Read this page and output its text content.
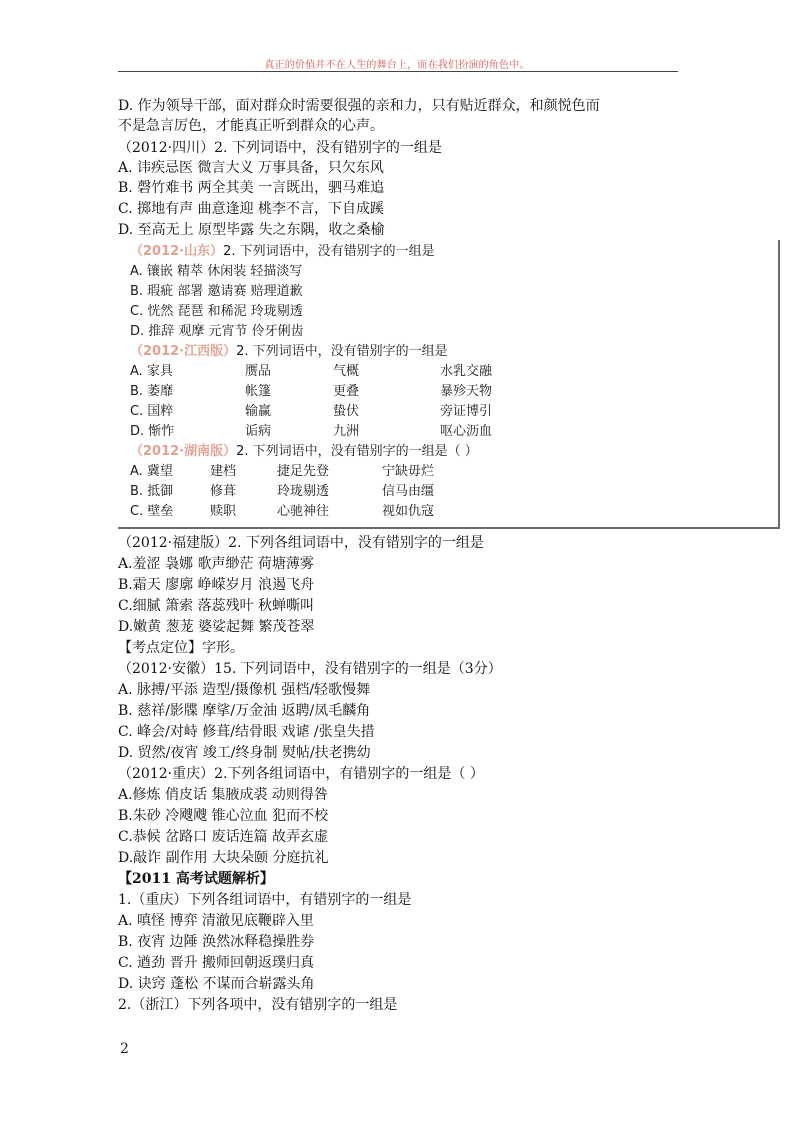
真正的价值并不在人生的舞台上，而在我们扮演的角色中。
D. 作为领导干部，面对群众时需要很强的亲和力，只有贴近群众，和颜悦色而
不是急言厉色，才能真正听到群众的心声。
（2012·四川）2. 下列词语中，没有错别字的一组是
A. 讳疾忌医 微言大义 万事具备，只欠东风
B. 磬竹难书 两全其美 一言既出，驷马难追
C. 掷地有声 曲意逢迎 桃李不言，下自成蹊
D. 至高无上 原型毕露 失之东隅，收之桑榆
（2012·山东）2. 下列词语中，没有错别字的一组是
A. 镶嵌 精萃 休闲装 轻描淡写
B. 瑕疵 部署 邀请赛 赔理道歉
C. 恍然 琵琶 和稀泥 玲珑剔透
D. 推辞 观摩 元宵节 伶牙俐齿
（2012·江西版）2. 下列词语中，没有错别字的一组是
A. 家具	赝品	气概	水乳交融
B. 萎靡	帐篷	更叠	暴殄天物
C. 国粹	输赢	蛰伏	旁证博引
D. 惭怍	诟病	九洲	呕心沥血
（2012·湖南版）2. 下列词语中，没有错别字的一组是（ ）
A. 冀望	建档	捷足先登	宁缺毋烂
B. 抵御	修葺	玲珑剔透	信马由缰
C. 壁垒	赎职	心驰神往	视如仇寇
（2012·福建版）2. 下列各组词语中，没有错别字的一组是
A.羞涩 袅娜 歌声缈茫 荷塘薄雾
B.霜天 廖廓 峥嵘岁月 浪遏飞舟
C.细腻 箫索 落蕊残叶 秋蝉嘶叫
D.嫩黄 葱茏 婆娑起舞 繁茂苍翠
【考点定位】字形。
（2012·安徽）15. 下列词语中，没有错别字的一组是（3分）
A. 脉搏/平添 造型/摄像机 强档/轻歌慢舞
B. 慈祥/影牒 摩挲/万金油 返聘/凤毛麟角
C. 峰会/对峙 修葺/结骨眼 戏谑 /张皇失措
D. 贸然/夜宵 竣工/终身制 熨帖/扶老携幼
（2012·重庆）2.下列各组词语中，有错别字的一组是（ ）
A.修炼 俏皮话 集腋成裘 动则得咎
B.朱砂 冷飕飕 锥心泣血 犯而不校
C.恭候 岔路口 废话连篇 故弄玄虚
D.敲诈 副作用 大块朵颐 分庭抗礼
【2011 高考试题解析】
1.（重庆）下列各组词语中，有错别字的一组是
A. 嗔怪 博弈 清澈见底鞭辟入里
B. 夜宵 边陲 涣然冰释稳操胜券
C. 遒劲 晋升 搬师回朝返璞归真
D. 诀窍 蓬松 不谋而合崭露头角
2.（浙江）下列各项中，没有错别字的一组是
2
